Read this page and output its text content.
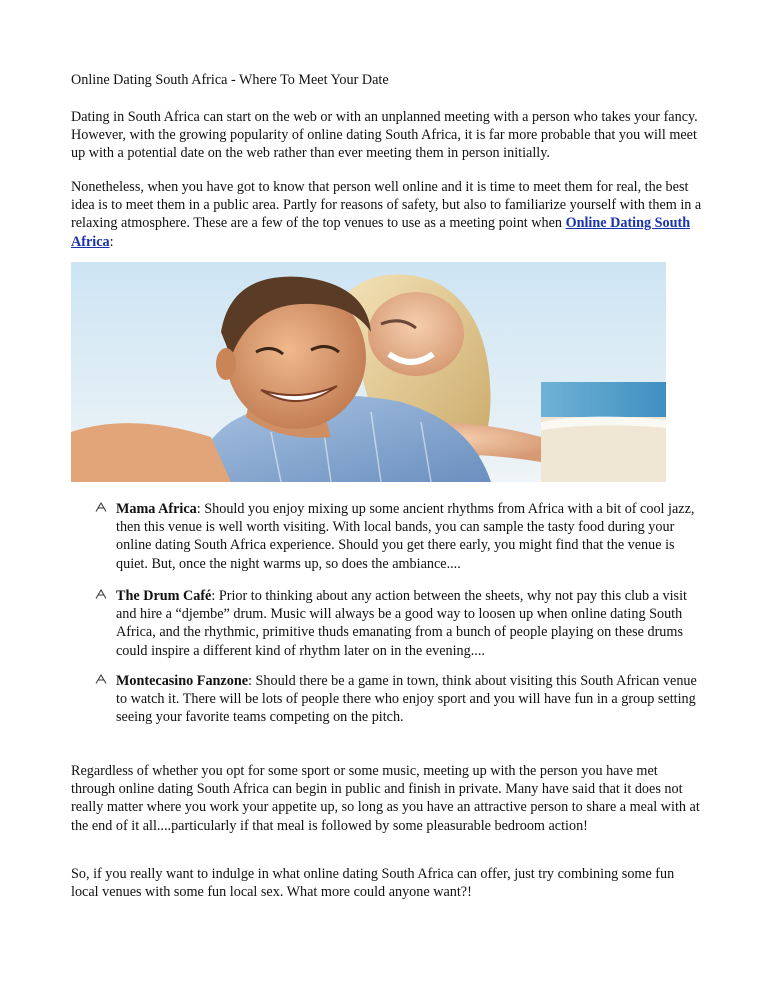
Online Dating South Africa - Where To Meet Your Date

Dating in South Africa can start on the web or with an unplanned meeting with a person who takes your fancy. However, with the growing popularity of online dating South Africa, it is far more probable that you will meet up with a potential date on the web rather than ever meeting them in person initially.

Nonetheless, when you have got to know that person well online and it is time to meet them for real, the best idea is to meet them in a public area. Partly for reasons of safety, but also to familiarize yourself with them in a relaxing atmosphere. These are a few of the top venues to use as a meeting point when Online Dating South Africa:

Mama Africa: Should you enjoy mixing up some ancient rhythms from Africa with a bit of cool jazz, then this venue is well worth visiting. With local bands, you can sample the tasty food during your online dating South Africa experience. Should you get there early, you might find that the venue is quiet. But, once the night warms up, so does the ambiance....
The Drum Café: Prior to thinking about any action between the sheets, why not pay this club a visit and hire a “djembe” drum. Music will always be a good way to loosen up when online dating South Africa, and the rhythmic, primitive thuds emanating from a bunch of people playing on these drums could inspire a different kind of rhythm later on in the evening....
Montecasino Fanzone: Should there be a game in town, think about visiting this South African venue to watch it. There will be lots of people there who enjoy sport and you will have fun in a group setting seeing your favorite teams competing on the pitch.

Regardless of whether you opt for some sport or some music, meeting up with the person you have met through online dating South Africa can begin in public and finish in private. Many have said that it does not really matter where you work your appetite up, so long as you have an attractive person to share a meal with at the end of it all....particularly if that meal is followed by some pleasurable bedroom action!

So, if you really want to indulge in what online dating South Africa can offer, just try combining some fun local venues with some fun local sex. What more could anyone want?!
